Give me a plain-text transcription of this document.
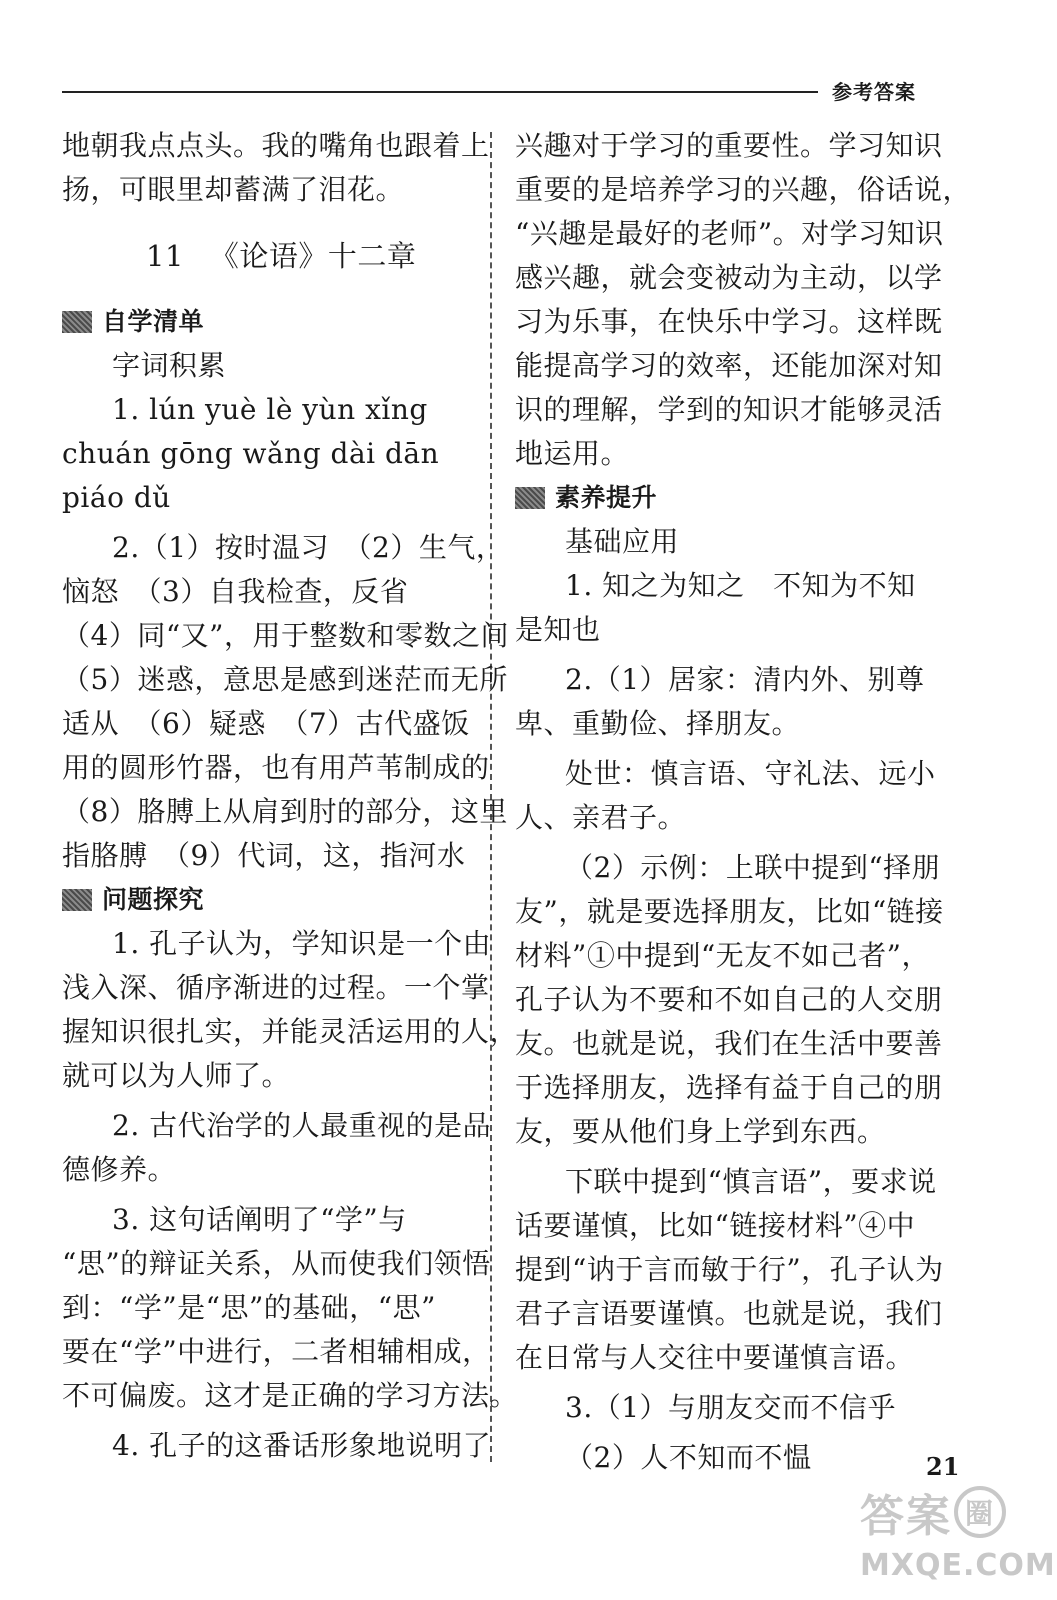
参考答案
地朝我点点头。我的嘴角也跟着上
扬，可眼里却蓄满了泪花。
11 《论语》十二章
自学清单
字词积累
1. lún yuè lè yùn xǐng
chuán gōng wǎng dài dān
piáo dǔ
2.（1）按时温习　（2）生气，
恼怒　（3）自我检查，反省
（4）同“又”，用于整数和零数之间
（5）迷惑，意思是感到迷茫而无所
适从　（6）疑惑　（7）古代盛饭
用的圆形竹器，也有用芦苇制成的
（8）胳膊上从肩到肘的部分，这里
指胳膊　（9）代词，这，指河水
问题探究
1. 孔子认为，学知识是一个由
浅入深、循序渐进的过程。一个掌
握知识很扎实，并能灵活运用的人，
就可以为人师了。
2. 古代治学的人最重视的是品
德修养。
3. 这句话阐明了“学”与
“思”的辩证关系，从而使我们领悟
到：“学”是“思”的基础，“思”
要在“学”中进行，二者相辅相成，
不可偏废。这才是正确的学习方法。
4. 孔子的这番话形象地说明了
兴趣对于学习的重要性。学习知识
重要的是培养学习的兴趣，俗话说，
“兴趣是最好的老师”。对学习知识
感兴趣，就会变被动为主动，以学
习为乐事，在快乐中学习。这样既
能提高学习的效率，还能加深对知
识的理解，学到的知识才能够灵活
地运用。
素养提升
基础应用
1. 知之为知之　不知为不知
是知也
2.（1）居家：清内外、别尊
卑、重勤俭、择朋友。
处世：慎言语、守礼法、远小
人、亲君子。
（2）示例：上联中提到“择朋
友”，就是要选择朋友，比如“链接
材料”①中提到“无友不如己者”，
孔子认为不要和不如自己的人交朋
友。也就是说，我们在生活中要善
于选择朋友，选择有益于自己的朋
友，要从他们身上学到东西。
下联中提到“慎言语”，要求说
话要谨慎，比如“链接材料”④中
提到“讷于言而敏于行”，孔子认为
君子言语要谨慎。也就是说，我们
在日常与人交往中要谨慎言语。
3.（1）与朋友交而不信乎
（2）人不知而不愠	21
答案 圈
MXQE.COM
